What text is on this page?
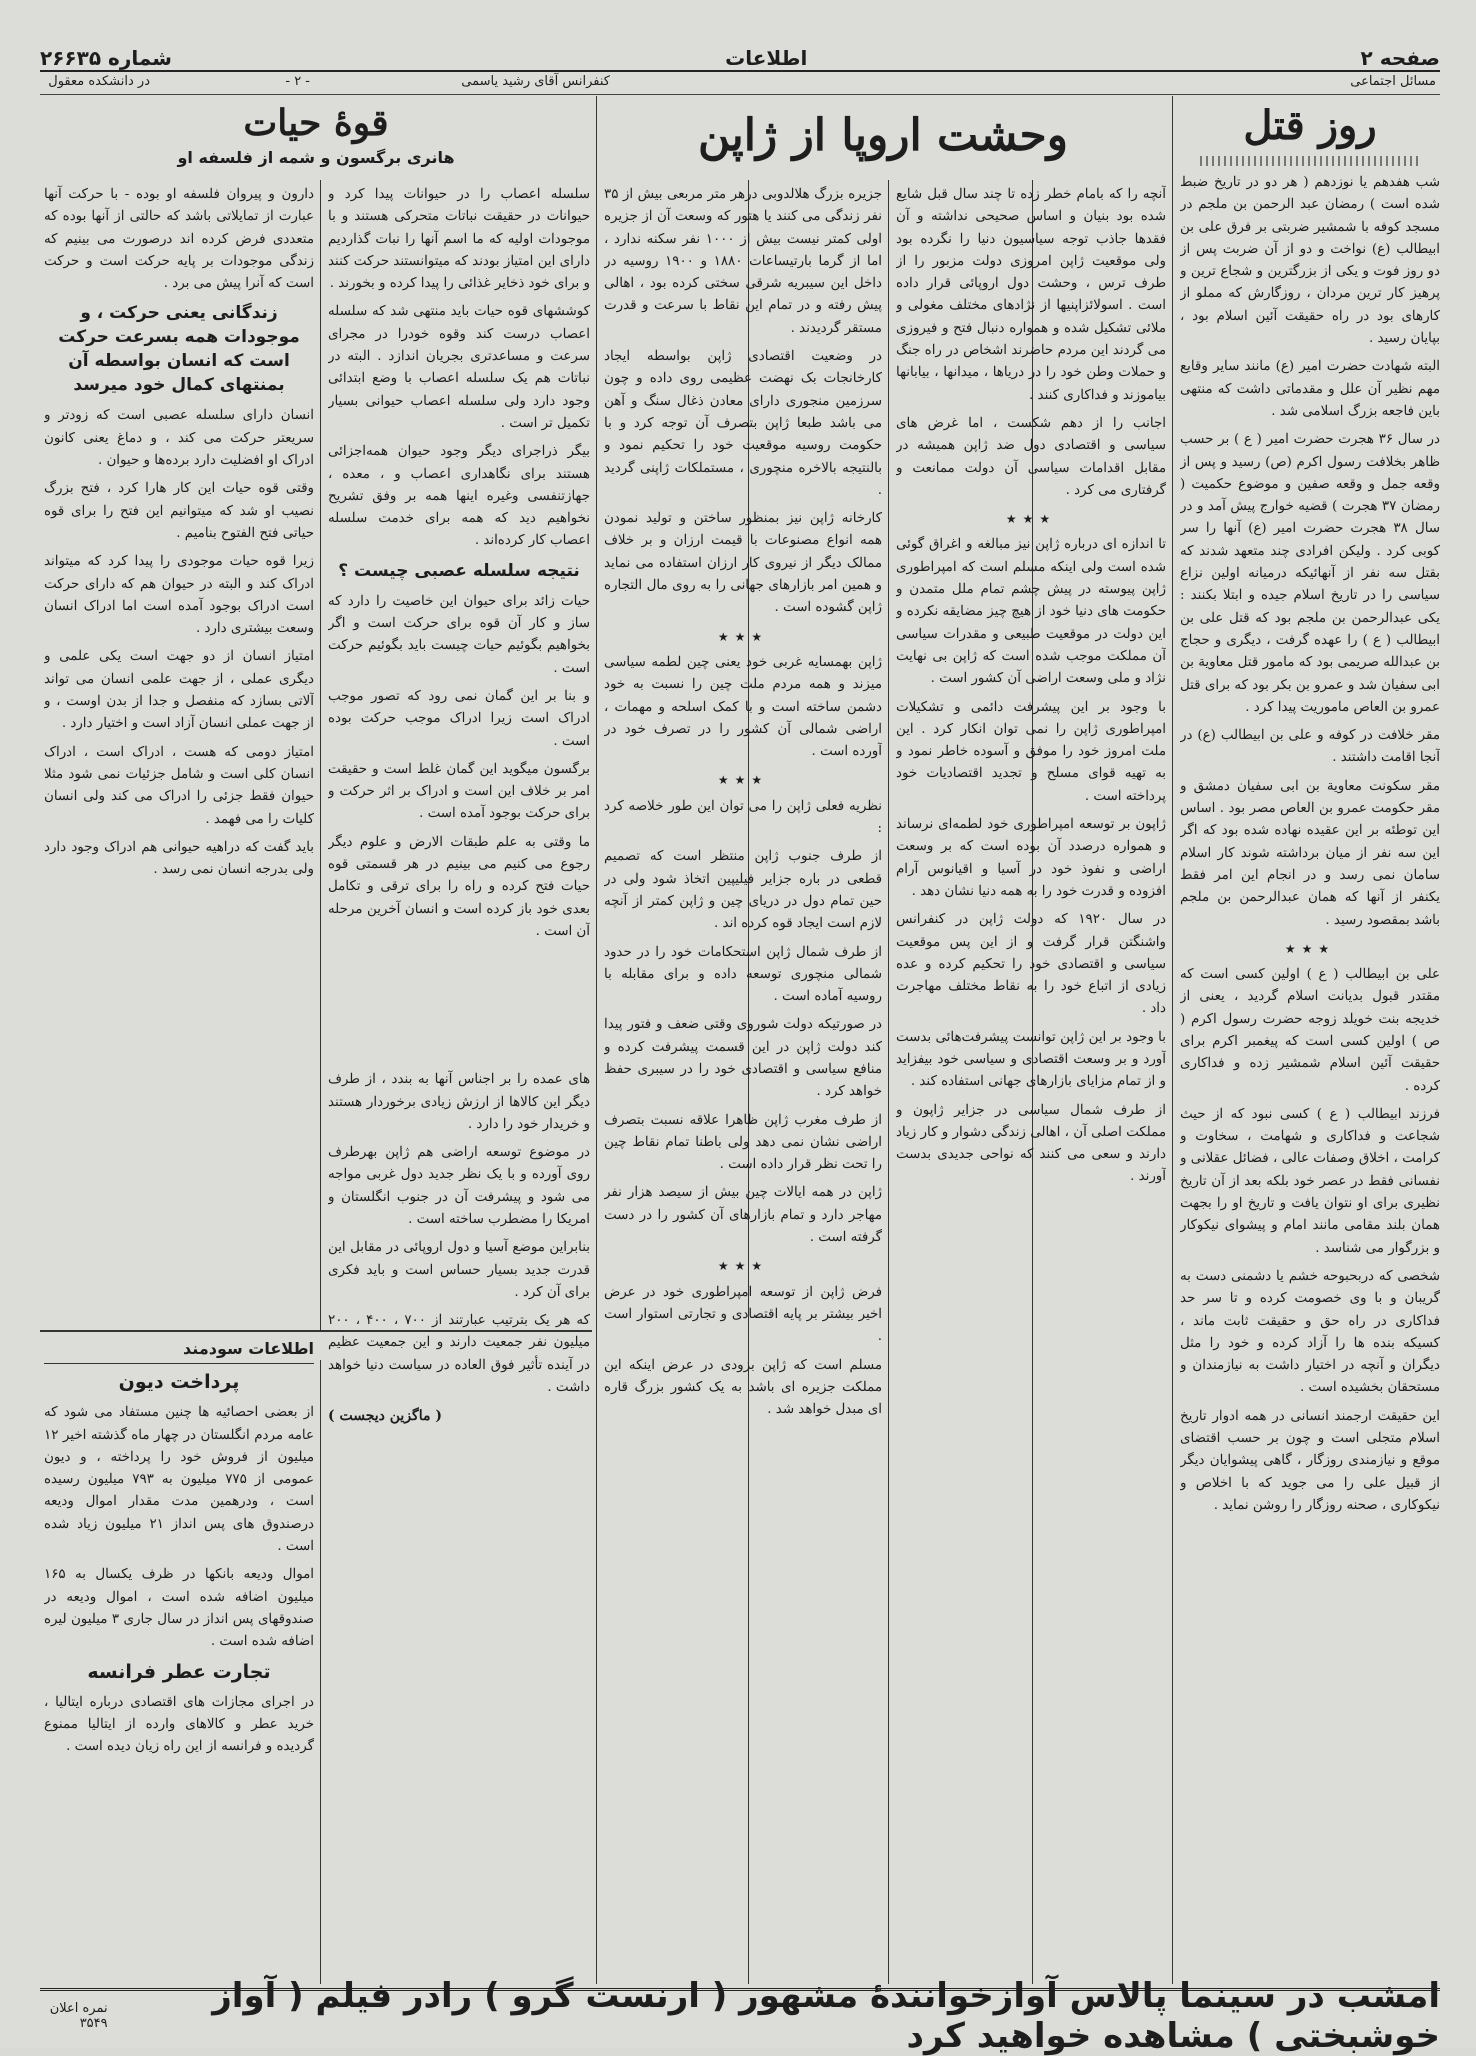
صفحه ۲
اطلاعات
شماره ۲۶۶۳۵
مسائل اجتماعی
کنفرانس آقای رشید یاسمی
- ۲ -
در دانشکده معقول
روز قتل

شب هفدهم یا نوزدهم ( هر دو در تاریخ ضبط شده است ) رمضان عبد الرحمن بن ملجم در مسجد کوفه با شمشیر ضربتی بر فرق علی بن ابیطالب (ع) نواخت و دو از آن ضربت پس از دو روز فوت و یکی از بزرگترین و شجاع ترین و پرهیز کار ترین مردان ، روزگارش که مملو از کارهای بود در راه حقیقت آئین اسلام بود ، بپایان رسید .

البته شهادت حضرت امیر (ع) مانند سایر وقایع مهم نظیر آن علل و مقدماتی داشت که منتهی باین فاجعه بزرگ اسلامی شد .

در سال ۳۶ هجرت حضرت امیر ( ع ) بر حسب ظاهر بخلافت رسول اکرم (ص) رسید و پس از وقعه جمل و وقعه صفین و موضوع حکمیت ( رمضان ۳۷ هجرت ) قضیه خوارج پیش آمد و در سال ۳۸ هجرت حضرت امیر (ع) آنها را سر کوبی کرد . ولیکن افرادی چند متعهد شدند که بقتل سه نفر از آنهائیکه درمیانه اولین نزاع سیاسی را در تاریخ اسلام جیده و ابتلا بکنند : یکی عبدالرحمن بن ملجم بود که قتل علی بن ابیطالب ( ع ) را عهده گرفت ، دیگری و حجاج بن عبدالله صریمی بود که مامور قتل معاویة بن ابی سفیان شد و عمرو بن بکر بود که برای قتل عمرو بن العاص ماموریت پیدا کرد .

مقر خلافت در کوفه و علی بن ابیطالب (ع) در آنجا اقامت داشتند .

مقر سکونت معاویة بن ابی سفیان دمشق و مقر حکومت عمرو بن العاص مصر بود . اساس این توطئه بر این عقیده نهاده شده بود که اگر این سه نفر از میان برداشته شوند کار اسلام سامان نمی رسد و در انجام این امر فقط یکنفر از آنها که همان عبدالرحمن بن ملجم باشد بمقصود رسید .

★★★

علی بن ابیطالب ( ع ) اولین کسی است که مقتدر قبول بدیانت اسلام گردید ، یعنی از خدیجه بنت خویلد زوجه حضرت رسول اکرم ( ص ) اولین کسی است که پیغمبر اکرم برای حقیقت آئین اسلام شمشیر زده و فداکاری کرده .

فرزند ابیطالب ( ع ) کسی نبود که از حیث شجاعت و فداکاری و شهامت ، سخاوت و کرامت ، اخلاق وصفات عالی ، فضائل عقلانی و نفسانی فقط در عصر خود بلکه بعد از آن تاریخ نظیری برای او نتوان یافت و تاریخ او را بجهت همان بلند مقامی مانند امام و پیشوای نیکوکار و بزرگوار می شناسد .

شخصی که دربحبوحه خشم یا دشمنی دست به گریبان و با وی خصومت کرده و تا سر حد فداکاری در راه حق و حقیقت ثابت ماند ، کسیکه بنده ها را آزاد کرده و خود را مثل دیگران و آنچه در اختیار داشت به نیازمندان و مستحقان بخشیده است .

این حقیقت ارجمند انسانی در همه ادوار تاریخ اسلام متجلی است و چون بر حسب اقتضای موقع و نیازمندی روزگار ، گاهی پیشوایان دیگر از قبیل علی را می جوید که با اخلاص و نیکوکاری ، صحنه روزگار را روشن نماید .

وحشت اروپا از ژاپن

آنچه را که بامام خطر زده تا چند سال قبل شایع شده بود بنیان و اساس صحیحی نداشته و آن فقدها جاذب توجه سیاسیون دنیا را نگرده بود ولی موقعیت ژاپن امروزی دولت مزبور را از طرف ترس ، وحشت دول اروپائی قرار داده است . اسولائزاپنیها از نژادهای مختلف مغولی و ملائی تشکیل شده و همواره دنبال فتح و فیروزی می گردند این مردم حاضرند اشخاص در راه جنگ و حملات وطن خود را در دریاها ، میدانها ، بیابانها بیاموزند و فداکاری کنند .

اجانب را از دهم شکست ، اما غرض های سیاسی و اقتصادی دول ضد ژاپن همیشه در مقابل اقدامات سیاسی آن دولت ممانعت و گرفتاری می کرد .

★★★

تا اندازه ای درباره ژاپن نیز مبالغه و اغراق گوئی شده است ولی اینکه مسلم است که امپراطوری ژاپن پیوسته در پیش چشم تمام ملل متمدن و حکومت های دنیا خود از هیچ چیز مضایقه نکرده و این دولت در موقعیت طبیعی و مقدرات سیاسی آن مملکت موجب شده است که ژاپن بی نهایت نژاد و ملی وسعت اراضی آن کشور است .

با وجود بر این پیشرفت دائمی و تشکیلات امپراطوری ژاپن را نمی توان انکار کرد . این ملت امروز خود را موفق و آسوده خاطر نمود و به تهیه قوای مسلح و تجدید اقتصادیات خود پرداخته است .

ژاپون بر توسعه امپراطوری خود لطمه‌ای نرساند و همواره درصدد آن بوده است که بر وسعت اراضی و نفوذ خود در آسیا و اقیانوس آرام افزوده و قدرت خود را به همه دنیا نشان دهد .

در سال ۱۹۲۰ که دولت ژاپن در کنفرانس واشنگتن قرار گرفت و از این پس موقعیت سیاسی و اقتصادی خود را تحکیم کرده و عده زیادی از اتباع خود را به نقاط مختلف مهاجرت داد .

با وجود بر این ژاپن توانست پیشرفت‌هائی بدست آورد و بر وسعت اقتصادی و سیاسی خود بیفزاید و از تمام مزایای بازارهای جهانی استفاده کند .

از طرف شمال سیاسی در جزایر ژاپون و مملکت اصلی آن ، اهالی زندگی دشوار و کار زیاد دارند و سعی می کنند که نواحی جدیدی بدست آورند .

جزیره بزرگ هلالدوبی درهر متر مربعی بیش از ۳۵ نفر زندگی می کنند یا هتور که وسعت آن از جزیره اولی کمتر نیست بیش از ۱۰۰۰ نفر سکنه ندارد ، اما از گرما بارتیساعات ۱۸۸۰ و ۱۹۰۰ روسیه در داخل این سیبریه شرقی سختی کرده بود ، اهالی پیش رفته و در تمام این نقاط با سرعت و قدرت مستقر گردیدند .

در وضعیت اقتصادی ژاپن بواسطه ایجاد کارخانجات بک نهضت عظیمی روی داده و چون سرزمین منجوری دارای معادن ذغال سنگ و آهن می باشد طبعا ژاپن بتصرف آن توجه کرد و با حکومت روسیه موقعیت خود را تحکیم نمود و بالنتیجه بالاخره منچوری ، مستملکات ژاپنی گردید .

کارخانه ژاپن نیز بمنظور ساختن و تولید نمودن همه انواع مصنوعات با قیمت ارزان و بر خلاف ممالک دیگر از نیروی کار ارزان استفاده می نماید و همین امر بازارهای جهانی را به روی مال التجاره ژاپن گشوده است .

★★★

ژاپن بهمسایه غربی خود یعنی چین لطمه سیاسی میزند و همه مردم ملت چین را نسبت به خود دشمن ساخته است و با کمک اسلحه و مهمات ، اراضی شمالی آن کشور را در تصرف خود در آورده است .

★★★

نظریه فعلی ژاپن را می توان این طور خلاصه کرد :

از طرف جنوب ژاپن منتظر است که تصمیم قطعی در باره جزایر فیلیپین اتخاذ شود ولی در حین تمام دول در دریای چین و ژاپن کمتر از آنچه لازم است ایجاد قوه کرده اند .

از طرف شمال ژاپن استحکامات خود را در حدود شمالی منچوری توسعه داده و برای مقابله با روسیه آماده است .

در صورتیکه دولت شوروی وقتی ضعف و فتور پیدا کند دولت ژاپن در این قسمت پیشرفت کرده و منافع سیاسی و اقتصادی خود را در سیبری حفظ خواهد کرد .

از طرف مغرب ژاپن ظاهرا علاقه نسبت بتصرف اراضی نشان نمی دهد ولی باطنا تمام نقاط چین را تحت نظر قرار داده است .

ژاپن در همه ایالات چین بیش از سیصد هزار نفر مهاجر دارد و تمام بازارهای آن کشور را در دست گرفته است .

★★★

فرض ژاپن از توسعه امپراطوری خود در عرض اخیر بیشتر بر پایه اقتصادی و تجارتی استوار است .

مسلم است که ژاپن بزودی در عرض اینکه این مملکت جزیره ای باشد به یک کشور بزرگ قاره ای مبدل خواهد شد .

قوهٔ حیات
هانری برگسون و شمه از فلسفه او

سلسله اعصاب را در حیوانات پیدا کرد و حیوانات در حقیقت نباتات متحرکی هستند و با موجودات اولیه که ما اسم آنها را نبات گذاردیم دارای این امتیاز بودند که میتوانستند حرکت کنند و برای خود ذخایر غذائی را پیدا کرده و بخورند .

کوششهای قوه حیات باید منتهی شد که سلسله اعصاب درست کند وقوه خودرا در مجرای سرعت و مساعدتری بجریان اندازد . البته در نباتات هم یک سلسله اعصاب با وضع ابتدائی وجود دارد ولی سلسله اعصاب حیوانی بسیار تکمیل تر است .

بیگر ذراجرای دیگر وجود حیوان همه‌اجزائی هستند برای نگاهداری اعصاب و ، معده ، جهازتنفسی وغیره اینها همه بر وفق تشریح نخواهیم دید که همه برای خدمت سلسله اعصاب کار کرده‌اند .

نتیجه سلسله عصبی چیست ؟

حیات زائد برای حیوان این خاصیت را دارد که ساز و کار آن قوه برای حرکت است و اگر بخواهیم بگوئیم حیات چیست باید بگوئیم حرکت است .

و بنا بر این گمان نمی رود که تصور موجب ادراک است زیرا ادراک موجب حرکت بوده است .

برگسون میگوید این گمان غلط است و حقیقت امر بر خلاف این است و ادراک بر اثر حرکت و برای حرکت بوجود آمده است .

ما وقتی به علم طبقات الارض و علوم دیگر رجوع می کنیم می بینیم در هر قسمتی قوه حیات فتح کرده و راه را برای ترقی و تکامل بعدی خود باز کرده است و انسان آخرین مرحله آن است .

های عمده را بر اجناس آنها به بندد ، از طرف دیگر این کالاها از ارزش زیادی برخوردار هستند و خریدار خود را دارد .

در موضوع توسعه اراضی هم ژاپن بهرطرف روی آورده و با یک نظر جدید دول غربی مواجه می شود و پیشرفت آن در جنوب انگلستان و امریکا را مضطرب ساخته است .

بنابراین موضع آسیا و دول اروپائی در مقابل این قدرت جدید بسیار حساس است و باید فکری برای آن کرد .

که هر یک بترتیب عبارتند از ۷۰۰ ، ۴۰۰ ، ۲۰۰ میلیون نفر جمعیت دارند و این جمعیت عظیم در آینده تأثیر فوق العاده در سیاست دنیا خواهد داشت .

( ماگزین دیجست )

دارون و پیروان فلسفه او بوده - با حرکت آنها عبارت از تمایلاتی باشد که حالتی از آنها بوده که متعددی فرض کرده اند درصورت می بینیم که زندگی موجودات بر پایه حرکت است و حرکت است که آنرا پیش می برد .

زندگانی یعنی حرکت ، و موجودات همه بسرعت حرکت است که انسان بواسطه آن بمنتهای کمال خود میرسد

انسان دارای سلسله عصبی است که زودتر و سریعتر حرکت می کند ، و دماغ یعنی کانون ادراک او افضلیت دارد برده‌ها و حیوان .

وقتی قوه حیات این کار هارا کرد ، فتح بزرگ نصیب او شد که میتوانیم این فتح را برای قوه حیاتی فتح الفتوح بنامیم .

زیرا قوه حیات موجودی را پیدا کرد که میتواند ادراک کند و البته در حیوان هم که دارای حرکت است ادراک بوجود آمده است اما ادراک انسان وسعت بیشتری دارد .

امتیاز انسان از دو جهت است یکی علمی و دیگری عملی ، از جهت علمی انسان می تواند آلاتی بسازد که منفصل و جدا از بدن اوست ، و از جهت عملی انسان آزاد است و اختیار دارد .

امتیاز دومی که هست ، ادراک است ، ادراک انسان کلی است و شامل جزئیات نمی شود مثلا حیوان فقط جزئی را ادراک می کند ولی انسان کلیات را می فهمد .

باید گفت که دراهیه حیوانی هم ادراک وجود دارد ولی بدرجه انسان نمی رسد .

اطلاعات سودمند
پرداخت دیون

از بعضی احصائیه ها چنین مستفاد می شود که عامه مردم انگلستان در چهار ماه گذشته اخیر ۱۲ میلیون از فروش خود را پرداخته ، و دیون عمومی از ۷۷۵ میلیون به ۷۹۳ میلیون رسیده است ، ودرهمین مدت مقدار اموال ودیعه درصندوق های پس انداز ۲۱ میلیون زیاد شده است .

اموال ودیعه بانکها در ظرف یکسال به ۱۶۵ میلیون اضافه شده است ، اموال ودیعه در صندوقهای پس انداز در سال جاری ۳ میلیون لیره اضافه شده است .

تجارت عطر فرانسه

در اجرای مجازات های اقتصادی درباره ایتالیا ، خرید عطر و کالاهای وارده از ایتالیا ممنوع گردیده و فرانسه از این راه زیان دیده است .

امشب در سینما پالاس آوازخوانندهٔ مشهور ( ارنست گرو ) رادر فیلم ( آواز خوشبختی ) مشاهده خواهید کرد
نمره اعلان ۳۵۴۹
